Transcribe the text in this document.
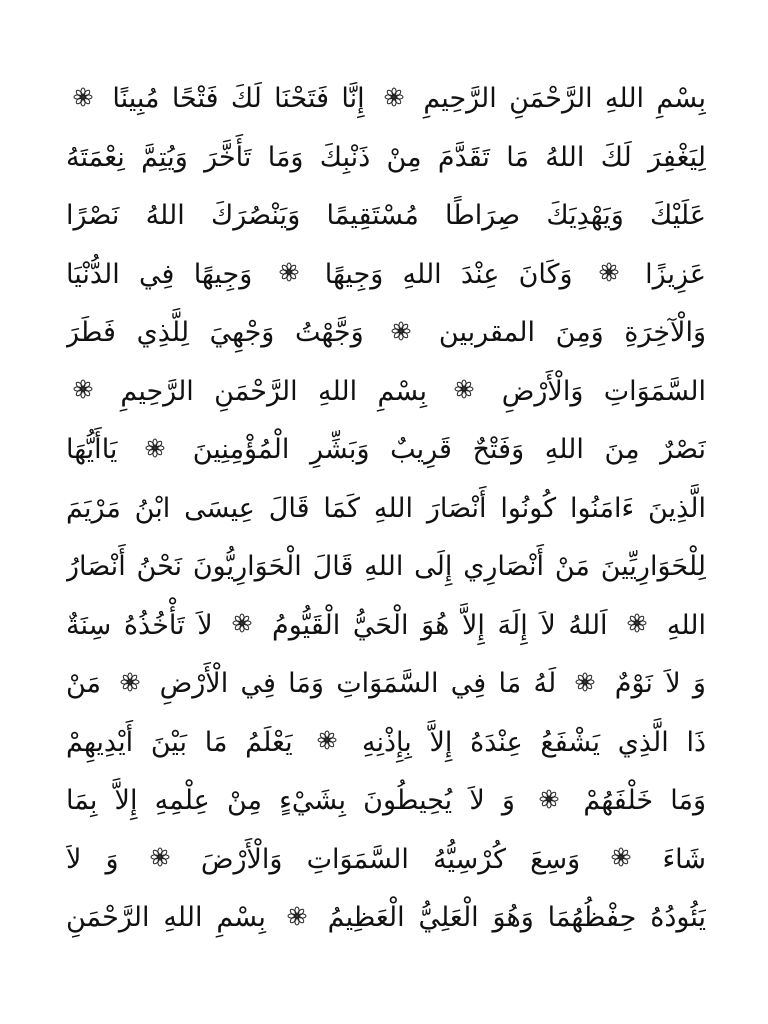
بِسْمِ اللهِ الرَّحْمَنِ الرَّحِيمِ
إِنَّا فَتَحْنَا لَكَ فَتْحًا مُبِينًا
لِيَغْفِرَ لَكَ اللهُ مَا تَقَدَّمَ مِنْ ذَنْبِكَ وَمَا تَأَخَّرَ وَيُتِمَّ نِعْمَتَهُ
عَلَيْكَ وَيَهْدِيَكَ صِرَاطًا مُسْتَقِيمًا وَيَنْصُرَكَ اللهُ نَصْرًا
عَزِيزًا
وَكَانَ عِنْدَ اللهِ وَجِيهًا
وَجِيهًا فِي الدُّنْيَا
وَالْآخِرَةِ وَمِنَ المقربين
وَجَّهْتُ وَجْهِيَ لِلَّذِي فَطَرَ
السَّمَوَاتِ وَالْأَرْضِ
بِسْمِ اللهِ الرَّحْمَنِ الرَّحِيمِ
نَصْرٌ مِنَ اللهِ وَفَتْحٌ قَرِيبٌ وَبَشِّرِ الْمُؤْمِنِينَ
يَاأَيُّهَا
الَّذِينَ ءَامَنُوا كُونُوا أَنْصَارَ اللهِ كَمَا قَالَ عِيسَى ابْنُ مَرْيَمَ
لِلْحَوَارِيِّينَ مَنْ أَنْصَارِي إِلَى اللهِ قَالَ الْحَوَارِيُّونَ نَحْنُ أَنْصَارُ
اللهِ
اَللهُ لاَ إِلَهَ إِلاَّ هُوَ الْحَيُّ الْقَيُّومُ
لاَ تَأْخُذُهُ سِنَةٌ
وَ لاَ نَوْمٌ
لَهُ مَا فِي السَّمَوَاتِ وَمَا فِي الْأَرْضِ
مَنْ
ذَا الَّذِي يَشْفَعُ عِنْدَهُ إِلاَّ بِإِذْنِهِ
يَعْلَمُ مَا بَيْنَ أَيْدِيهِمْ
وَمَا خَلْفَهُمْ
وَ لاَ يُحِيطُونَ بِشَيْءٍ مِنْ عِلْمِهِ إِلاَّ بِمَا
شَاءَ
وَسِعَ كُرْسِيُّهُ السَّمَوَاتِ وَالْأَرْضَ
وَ لاَ
يَئُودُهُ حِفْظُهُمَا وَهُوَ الْعَلِيُّ الْعَظِيمُ
بِسْمِ اللهِ الرَّحْمَنِ
